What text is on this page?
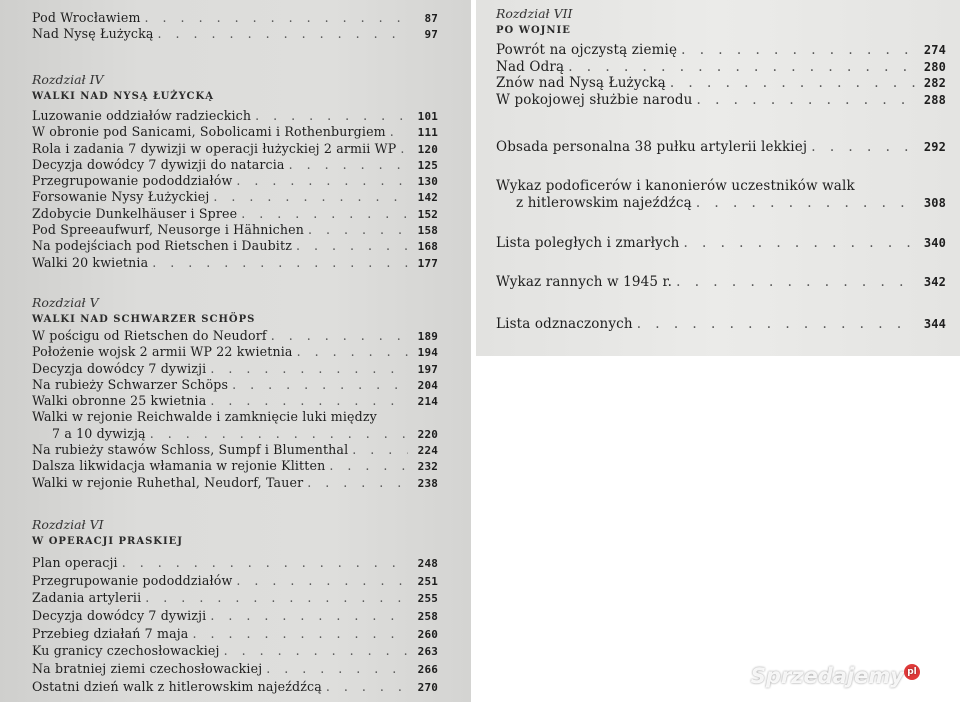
Pod Wrocławiem . . .	87
Nad Nysę Łużycką . . .	97
Rozdział IV
WALKI NAD NYSĄ ŁUŻYCKĄ
Luzowanie oddziałów radzieckich . . .	101
W obronie pod Sanicami, Sobolicami i Rothenburgiem . . .	111
Rola i zadania 7 dywizji w operacji łużyckiej 2 armii WP . . .	120
Decyzja dowódcy 7 dywizji do natarcia . . .	125
Przegrupowanie pododdziałów . . .	130
Forsowanie Nysy Łużyckiej . . .	142
Zdobycie Dunkelhäuser i Spree . . .	152
Pod Spreeaufwurf, Neusorge i Hähnichen . . .	158
Na podejściach pod Rietschen i Daubitz . . .	168
Walki 20 kwietnia . . .	177
Rozdział V
WALKI NAD SCHWARZER SCHÖPS
W pościgu od Rietschen do Neudorf . . .	189
Położenie wojsk 2 armii WP 22 kwietnia . . .	194
Decyzja dowódcy 7 dywizji . . .	197
Na rubieży Schwarzer Schöps . . .	204
Walki obronne 25 kwietnia . . .	214
Walki w rejonie Reichwalde i zamknięcie luki między
7 a 10 dywizją . . .	220
Na rubieży stawów Schloss, Sumpf i Blumenthal . . .	224
Dalsza likwidacja włamania w rejonie Klitten . . .	232
Walki w rejonie Ruhethal, Neudorf, Tauer . . .	238
Rozdział VI
W OPERACJI PRASKIEJ
Plan operacji . . .	248
Przegrupowanie pododdziałów . . .	251
Zadania artylerii . . .	255
Decyzja dowódcy 7 dywizji . . .	258
Przebieg działań 7 maja . . .	260
Ku granicy czechosłowackiej . . .	263
Na bratniej ziemi czechosłowackiej . . .	266
Ostatni dzień walk z hitlerowskim najeźdźcą . . .	270
Rozdział VII
PO WOJNIE
Powrót na ojczystą ziemię . . .	274
Nad Odrą . . .	280
Znów nad Nysą Łużycką . . .	282
W pokojowej służbie narodu . . .	288
Obsada personalna 38 pułku artylerii lekkiej . . .	292
Wykaz podoficerów i kanonierów uczestników walk
z hitlerowskim najeźdźcą . . .	308
Lista poległych i zmarłych . . .	340
Wykaz rannych w 1945 r. . . .	342
Lista odznaczonych . . .	344
Sprzedajemy $^{pl}$
